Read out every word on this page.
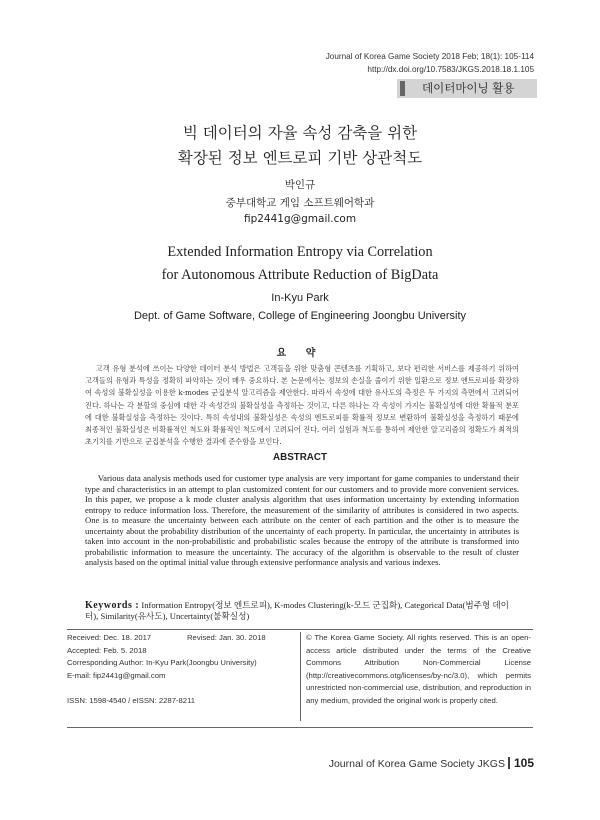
Journal of Korea Game Society 2018 Feb; 18(1): 105-114
http://dx.doi.org/10.7583/JKGS.2018.18.1.105
데이터마이닝 활용
빅 데이터의 자율 속성 감축을 위한
확장된 정보 엔트로피 기반 상관척도
박인규
중부대학교 게임 소프트웨어학과
fip2441g@gmail.com
Extended Information Entropy via Correlation
for Autonomous Attribute Reduction of BigData
In-Kyu Park
Dept. of Game Software, College of Engineering Joongbu University
요 약
고객 유형 분석에 쓰이는 다양한 데이터 분석 방법은 고객들을 위한 맞춤형 콘텐츠를 기획하고, 보다 편리한 서비스를 제공하기 위하여 고객들의 유형과 특성을 정확히 파악하는 것이 매우 중요하다. 본 논문에서는 정보의 손실을 줄이기 위한 일환으로 정보 엔트로피를 확장하여 속성의 불확실성을 이용한 k-modes 군집분석 알고리즘을 제안한다. 따라서 속성에 대한 유사도의 측정은 두 가지의 측면에서 고려되어진다. 하나는 각 분할의 중심에 대한 각 속성간의 불확실성을 측정하는 것이고, 다른 하나는 각 속성이 가지는 불확실성에 대한 확률적 분포에 대한 불확실성을 측정하는 것이다. 특히 속성내의 불확실성은 속성의 엔트로피를 확률적 정보로 변환하여 불확실성을 측정하기 때문에 최종적인 불확실성은 비확률적인 척도와 확률적인 척도에서 고려되어 진다. 여러 실험과 척도를 통하여 제안한 알고리즘의 정확도가 최적의 초기치를 기반으로 군집분석을 수행한 결과에 준수함을 보인다.
ABSTRACT
Various data analysis methods used for customer type analysis are very important for game companies to understand their type and characteristics in an attempt to plan customized content for our customers and to provide more convenient services. In this paper, we propose a k mode cluster analysis algorithm that uses information uncertainty by extending information entropy to reduce information loss. Therefore, the measurement of the similarity of attributes is considered in two aspects. One is to measure the uncertainty between each attribute on the center of each partition and the other is to measure the uncertainty about the probability distribution of the uncertainty of each property. In particular, the uncertainty in attributes is taken into account in the non-probabilistic and probabilistic scales because the entropy of the attribute is transformed into probabilistic information to measure the uncertainty. The accuracy of the algorithm is observable to the result of cluster analysis based on the optimal initial value through extensive performance analysis and various indexes.
Keywords : Information Entropy(정보 엔트로피), K-modes Clustering(k-모드 군집화), Categorical Data(범주형 데이터), Similarity(유사도), Uncertainty(불확실성)
Received: Dec. 18. 2017	Revised: Jan. 30. 2018
Accepted: Feb. 5. 2018
Corresponding Author: In-Kyu Park(Joongbu University)
E-mail: fip2441g@gmail.com
ISSN: 1598-4540 / eISSN: 2287-8211
© The Korea Game Society. All rights reserved. This is an open-access article distributed under the terms of the Creative Commons Attribution Non-Commercial License (http://creativecommons.otg/licenses/by-nc/3.0), which permits unrestricted non-commercial use, distribution, and reproduction in any medium, provided the original work is properly cited.
Journal of Korea Game Society JKGS 105
